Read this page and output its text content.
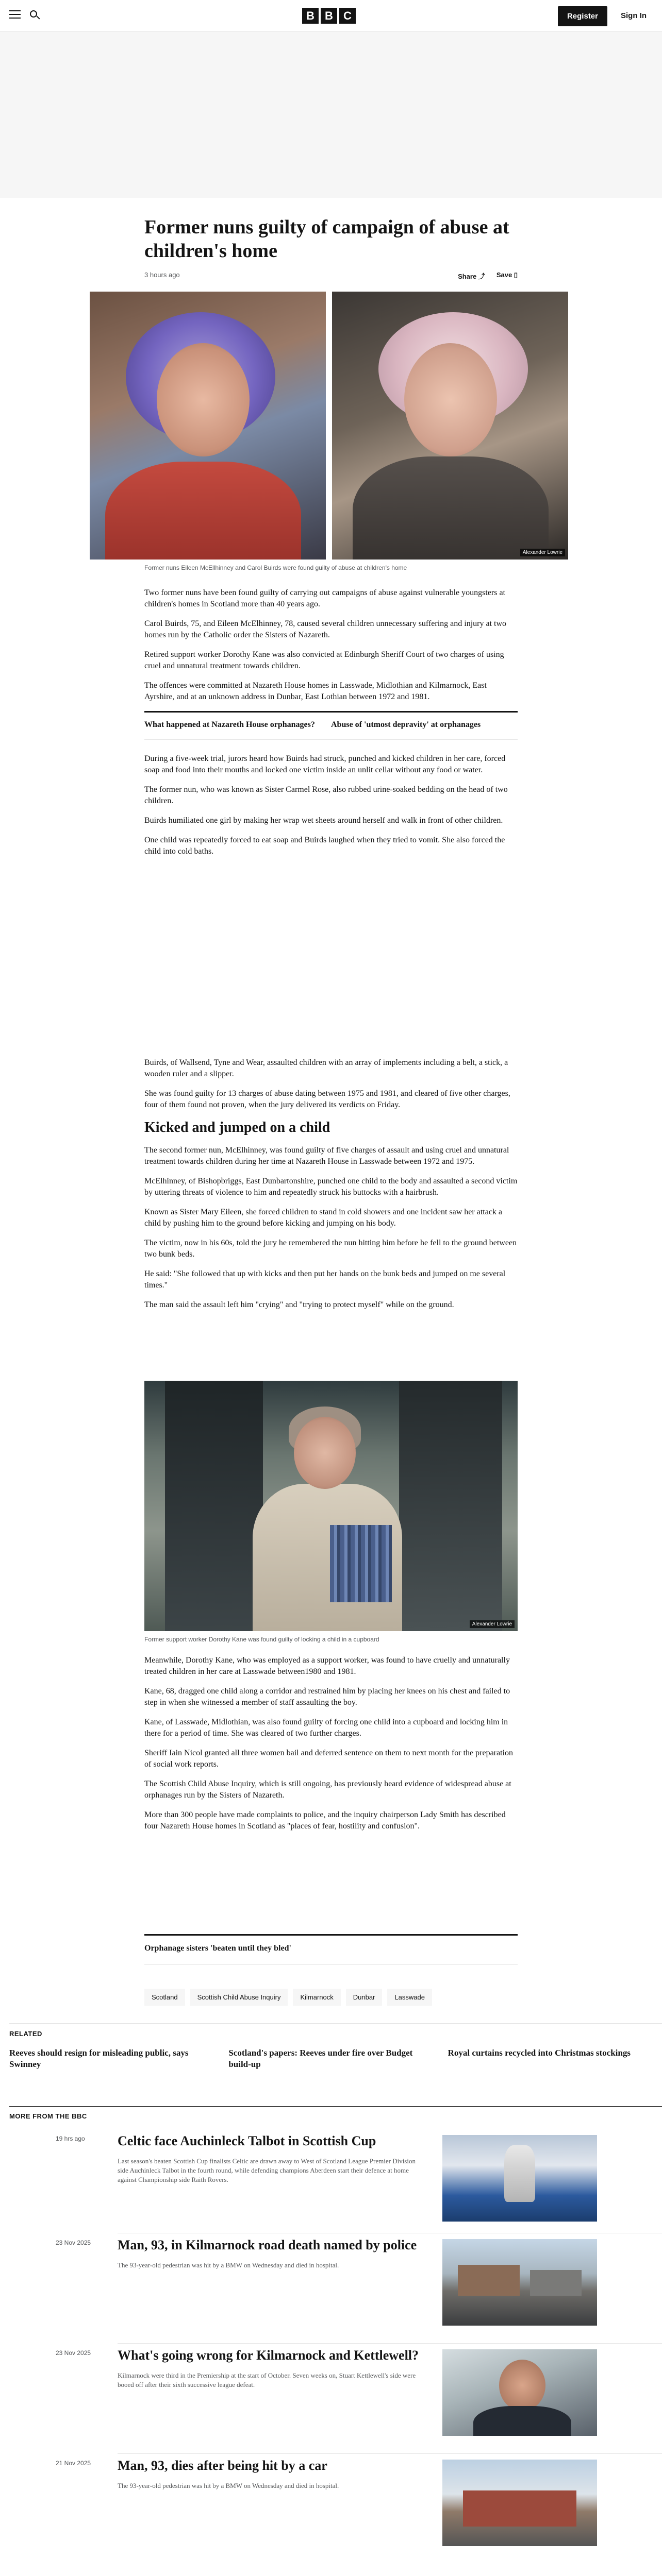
B B C	Register	Sign In
Former nuns guilty of campaign of abuse at children's home
3 hours ago	Share ⤴ Save ▯
Alexander Lowrie
Former nuns Eileen McEllhinney and Carol Buirds were found guilty of abuse at children's home

Two former nuns have been found guilty of carrying out campaigns of abuse against vulnerable youngsters at children's homes in Scotland more than 40 years ago.

Carol Buirds, 75, and Eileen McElhinney, 78, caused several children unnecessary suffering and injury at two homes run by the Catholic order the Sisters of Nazareth.

Retired support worker Dorothy Kane was also convicted at Edinburgh Sheriff Court of two charges of using cruel and unnatural treatment towards children.

The offences were committed at Nazareth House homes in Lasswade, Midlothian and Kilmarnock, East Ayrshire, and at an unknown address in Dunbar, East Lothian between 1972 and 1981.

What happened at Nazareth House orphanages?	Abuse of 'utmost depravity' at orphanages

During a five-week trial, jurors heard how Buirds had struck, punched and kicked children in her care, forced soap and food into their mouths and locked one victim inside an unlit cellar without any food or water.

The former nun, who was known as Sister Carmel Rose, also rubbed urine-soaked bedding on the head of two children.

Buirds humiliated one girl by making her wrap wet sheets around herself and walk in front of other children.

One child was repeatedly forced to eat soap and Buirds laughed when they tried to vomit. She also forced the child into cold baths.

Buirds, of Wallsend, Tyne and Wear, assaulted children with an array of implements including a belt, a stick, a wooden ruler and a slipper.

She was found guilty for 13 charges of abuse dating between 1975 and 1981, and cleared of five other charges, four of them found not proven, when the jury delivered its verdicts on Friday.

Kicked and jumped on a child

The second former nun, McElhinney, was found guilty of five charges of assault and using cruel and unnatural treatment towards children during her time at Nazareth House in Lasswade between 1972 and 1975.

McElhinney, of Bishopbriggs, East Dunbartonshire, punched one child to the body and assaulted a second victim by uttering threats of violence to him and repeatedly struck his buttocks with a hairbrush.

Known as Sister Mary Eileen, she forced children to stand in cold showers and one incident saw her attack a child by pushing him to the ground before kicking and jumping on his body.

The victim, now in his 60s, told the jury he remembered the nun hitting him before he fell to the ground between two bunk beds.

He said: "She followed that up with kicks and then put her hands on the bunk beds and jumped on me several times."

The man said the assault left him "crying" and "trying to protect myself" while on the ground.

Alexander Lowrie
Former support worker Dorothy Kane was found guilty of locking a child in a cupboard

Meanwhile, Dorothy Kane, who was employed as a support worker, was found to have cruelly and unnaturally treated children in her care at Lasswade between1980 and 1981.

Kane, 68, dragged one child along a corridor and restrained him by placing her knees on his chest and failed to step in when she witnessed a member of staff assaulting the boy.

Kane, of Lasswade, Midlothian, was also found guilty of forcing one child into a cupboard and locking him in there for a period of time. She was cleared of two further charges.

Sheriff Iain Nicol granted all three women bail and deferred sentence on them to next month for the preparation of social work reports.

The Scottish Child Abuse Inquiry, which is still ongoing, has previously heard evidence of widespread abuse at orphanages run by the Sisters of Nazareth.

More than 300 people have made complaints to police, and the inquiry chairperson Lady Smith has described four Nazareth House homes in Scotland as "places of fear, hostility and confusion".

Orphanage sisters 'beaten until they bled'
Scotland	Scottish Child Abuse Inquiry	Kilmarnock	Dunbar	Lasswade
RELATED
Reeves should resign for misleading public, says Swinney
Scotland's papers: Reeves under fire over Budget build-up
Royal curtains recycled into Christmas stockings
MORE FROM THE BBC
19 hrs ago Celtic face Auchinleck Talbot in Scottish Cup
Last season's beaten Scottish Cup finalists Celtic are drawn away to West of Scotland League Premier Division side Auchinleck Talbot in the fourth round, while defending champions Aberdeen start their defence at home against Championship side Raith Rovers.
23 Nov 2025 Man, 93, in Kilmarnock road death named by police
The 93-year-old pedestrian was hit by a BMW on Wednesday and died in hospital.
23 Nov 2025 What's going wrong for Kilmarnock and Kettlewell?
Kilmarnock were third in the Premiership at the start of October. Seven weeks on, Stuart Kettlewell's side were booed off after their sixth successive league defeat.
21 Nov 2025 Man, 93, dies after being hit by a car
The 93-year-old pedestrian was hit by a BMW on Wednesday and died in hospital.
